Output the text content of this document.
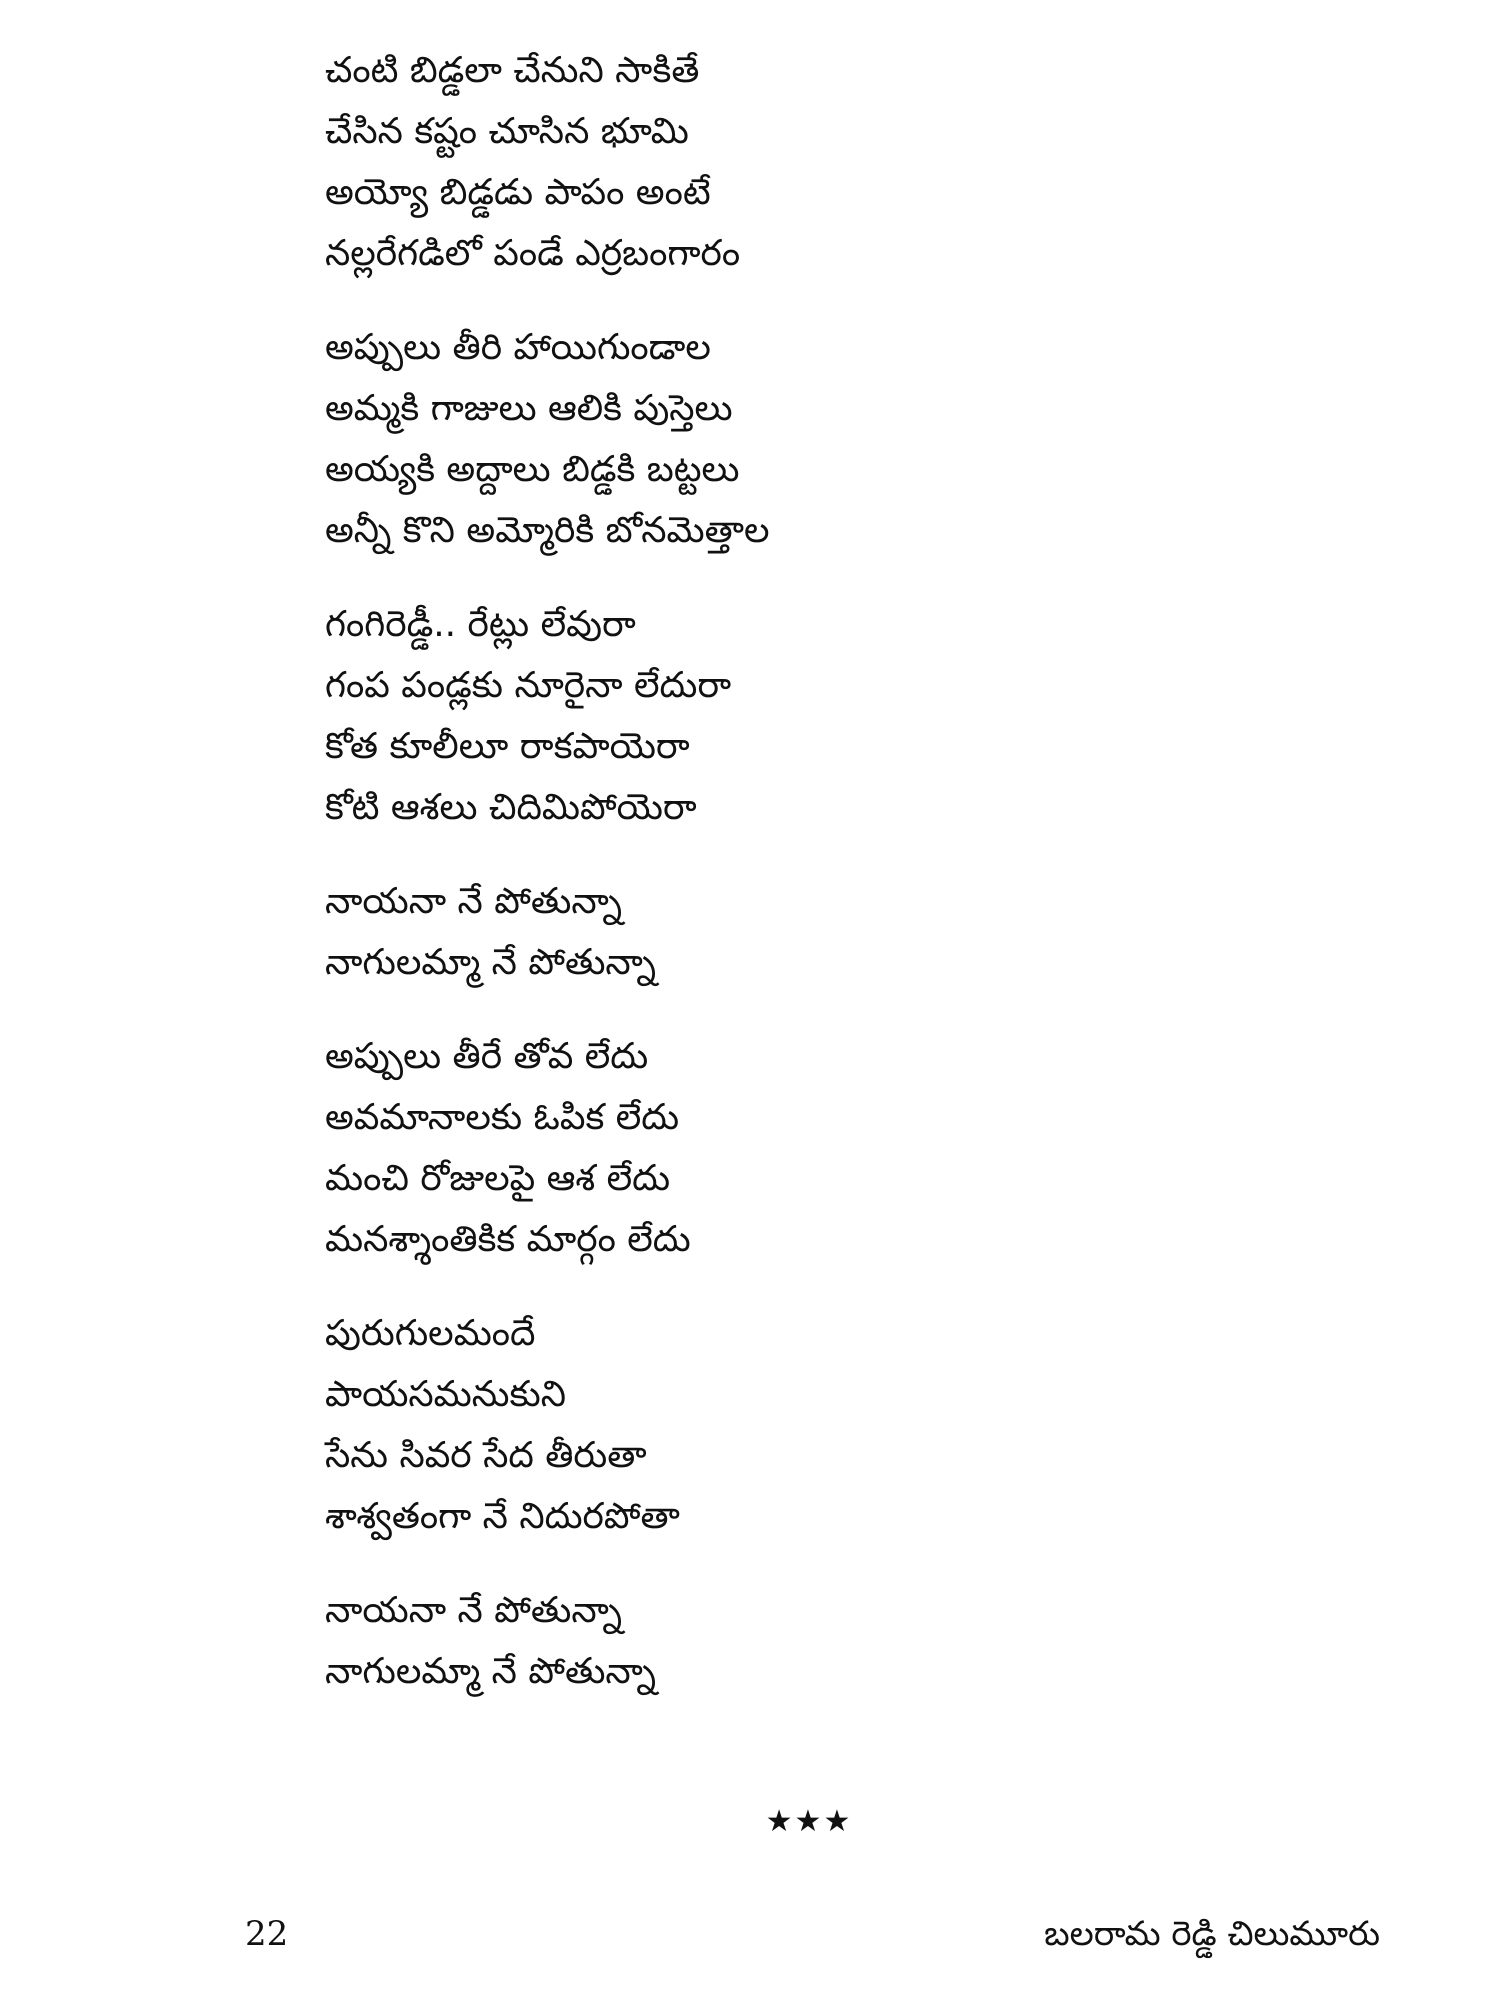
చంటి బిడ్డలా చేనుని సాకితే
చేసిన కష్టం చూసిన భూమి
అయ్యో బిడ్డడు పాపం అంటే
నల్లరేగడిలో పండే ఎర్రబంగారం
అప్పులు తీరి హాయిగుండాల
అమ్మకి గాజులు ఆలికి పుస్తెలు
అయ్యకి అద్దాలు బిడ్డకి బట్టలు
అన్నీ కొని అమ్మోరికి బోనమెత్తాల
గంగిరెడ్డీ.. రేట్లు లేవురా
గంప పండ్లకు నూరైనా లేదురా
కోత కూలీలూ రాకపాయెరా
కోటి ఆశలు చిదిమిపోయెరా
నాయనా నే పోతున్నా
నాగులమ్మా నే పోతున్నా
అప్పులు తీరే తోవ లేదు
అవమానాలకు ఓపిక లేదు
మంచి రోజులపై ఆశ లేదు
మనశ్శాంతికిక మార్గం లేదు
పురుగులమందే
పాయసమనుకుని
సేను సివర సేద తీరుతా
శాశ్వతంగా నే నిదురపోతా
నాయనా నే పోతున్నా
నాగులమ్మా నే పోతున్నా
★★★
22	బలరామ రెడ్డి చిలుమూరు
